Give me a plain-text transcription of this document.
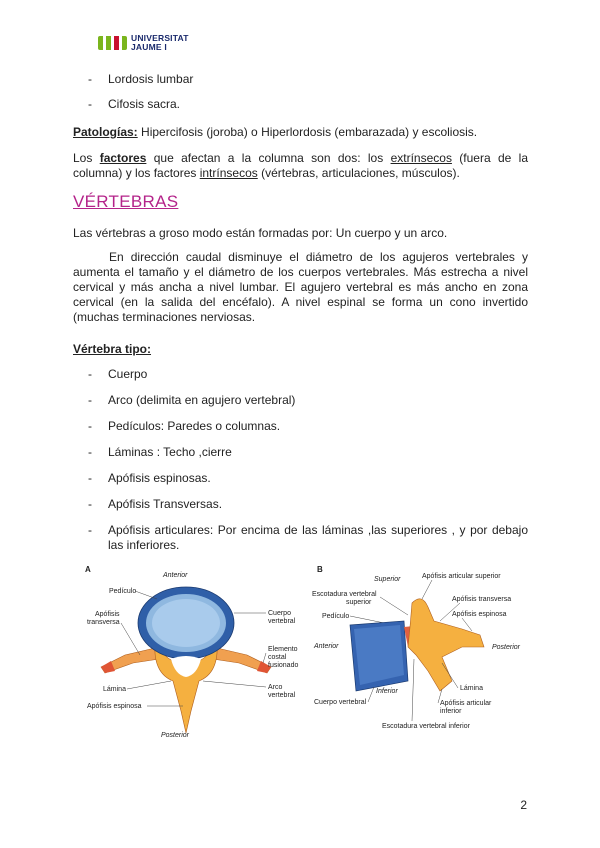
UNIVERSITAT
JAUME I
-	Lordosis lumbar
-	Cifosis sacra.
Patologías: Hipercifosis (joroba) o Hiperlordosis (embarazada) y escoliosis.
Los factores que afectan a la columna son dos: los extrínsecos (fuera de la columna) y los factores intrínsecos (vértebras, articulaciones, músculos).
VÉRTEBRAS
Las vértebras a groso modo están formadas por: Un cuerpo y un arco.
En dirección caudal disminuye el diámetro de los agujeros vertebrales y aumenta el tamaño y el diámetro de los cuerpos vertebrales. Más estrecha a nivel cervical y más ancha a nivel lumbar. El agujero vertebral es más ancho en zona cervical (en la salida del encéfalo). A nivel espinal se forma un cono invertido (muchas terminaciones nerviosas.
Vértebra tipo:
-	Cuerpo
-	Arco (delimita en agujero vertebral)
-	Pedículos: Paredes o columnas.
-	Láminas : Techo ,cierre
-	Apófisis espinosas.
-	Apófisis Transversas.
-	Apófisis articulares: Por encima de las láminas ,las superiores , y por debajo las inferiores.
A
Anterior
Pedículo
Apófisis
transversa
Lámina
Apófisis espinosa
Posterior
Cuerpo
vertebral
Elemento
costal
fusionado
Arco
vertebral
B
Superior
Escotadura vertebral
superior
Pedículo
Anterior
Inferior
Cuerpo vertebral
Apófisis articular superior
Apófisis transversa
Apófisis espinosa
Posterior
Lámina
Apófisis articular
inferior
Escotadura vertebral inferior
2
